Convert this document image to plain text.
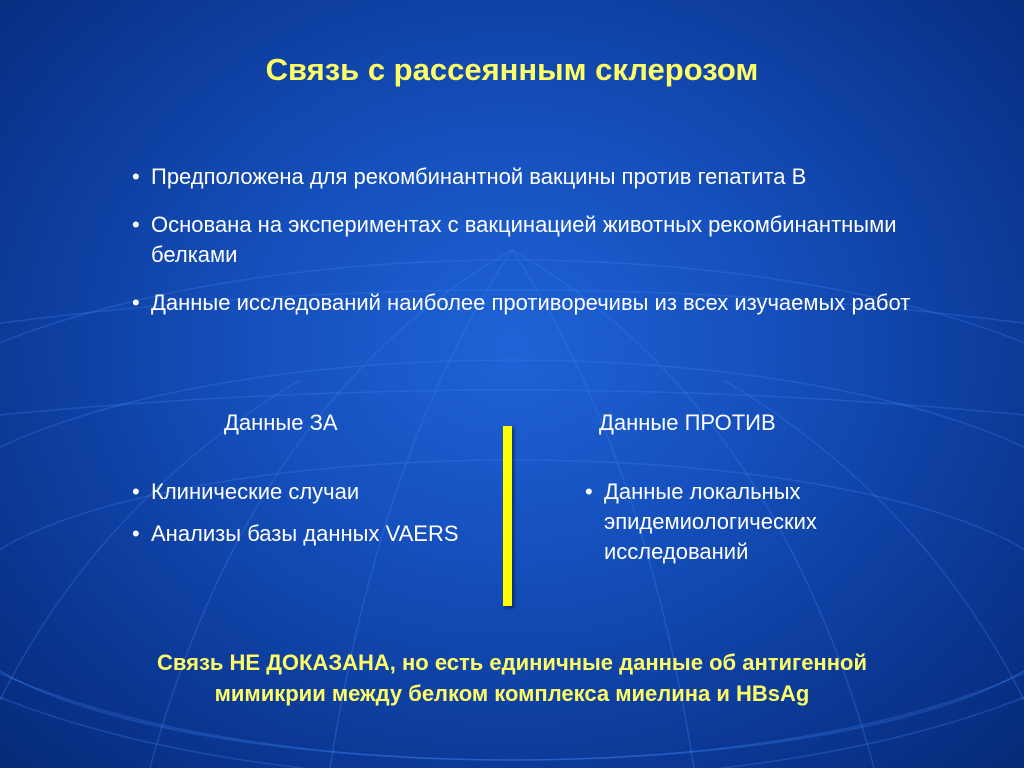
Связь с рассеянным склерозом
• Предположена для рекомбинантной вакцины против гепатита В
• Основана на экспериментах с вакцинацией животных рекомбинантными белками
• Данные исследований наиболее противоречивы из всех изучаемых работ
Данные ЗА	Данные ПРОТИВ
• Клинические случаи
• Анализы базы данных VAERS
• Данные локальных эпидемиологических исследований
Связь НЕ ДОКАЗАНА, но есть единичные данные об антигенной мимикрии между белком комплекса миелина и HBsAg
